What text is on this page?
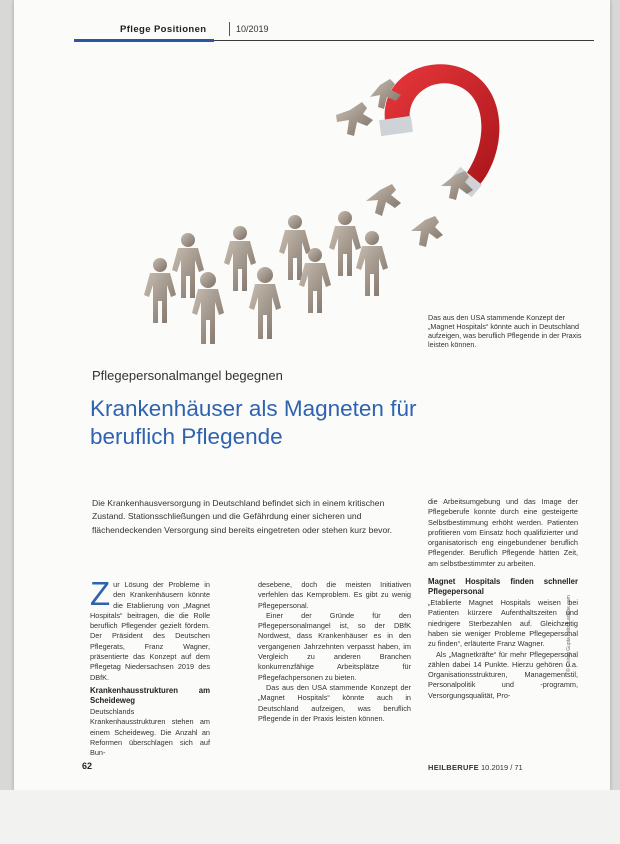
Pflege Positionen	10/2019
Das aus den USA stammende Konzept der „Magnet Hospitals“ könnte auch in Deutschland aufzeigen, was beruflich Pflegende in der Praxis leisten können.
© Chirag Gupta / stock.adobe.com
Pflegepersonalmangel begegnen
Krankenhäuser als Magneten für
beruflich Pflegende
Die Krankenhausversorgung in Deutschland befindet sich in einem kritischen Zustand. Stationsschließungen und die Gefährdung einer sicheren und flächendeckenden Versorgung sind bereits eingetreten oder stehen kurz bevor.

Zur Lösung der Probleme in den Krankenhäusern könnte die Etablierung von „Magnet Hospitals“ beitragen, die die Rolle beruflich Pflegender gezielt fördern. Der Präsident des Deutschen Pflegerats, Franz Wagner, präsentierte das Konzept auf dem Pflegetag Niedersachsen 2019 des DBfK.

Krankenhausstrukturen am Scheideweg

Deutschlands Krankenhausstrukturen stehen am einem Scheideweg. Die Anzahl an Reformen überschlagen sich auf Bun-

desebene, doch die meisten Initiativen verfehlen das Kernproblem. Es gibt zu wenig Pflegepersonal.

Einer der Gründe für den Pflegepersonalmangel ist, so der DBfK Nordwest, dass Krankenhäuser es in den vergangenen Jahrzehnten verpasst haben, im Vergleich zu anderen Branchen konkurrenzfähige Arbeitsplätze für Pflegefachpersonen zu bieten.

Das aus den USA stammende Konzept der „Magnet Hospitals“ könnte auch in Deutschland aufzeigen, was beruflich Pflegende in der Praxis leisten können.

die Arbeitsumgebung und das Image der Pflegeberufe konnte durch eine gesteigerte Selbstbestimmung erhöht werden. Patienten profitieren vom Einsatz hoch qualifizierter und organisatorisch eng eingebundener beruflich Pflegender. Beruflich Pflegende hätten Zeit, am selbstbestimmter zu arbeiten.

Magnet Hospitals finden schneller Pflegepersonal

„Etablierte Magnet Hospitals weisen bei Patienten kürzere Aufenthaltszeiten und niedrigere Sterbezahlen auf. Gleichzeitig haben sie weniger Probleme Pflegepersonal zu finden“, erläuterte Franz Wagner.

Als „Magnetkräfte“ für mehr Pflegepersonal zählen dabei 14 Punkte. Hierzu gehören u.a. Organisationsstrukturen, Managementstil, Personalpolitik und -programm, Versorgungsqualität, Pro-

62	HEILBERUFE 10.2019 / 71
